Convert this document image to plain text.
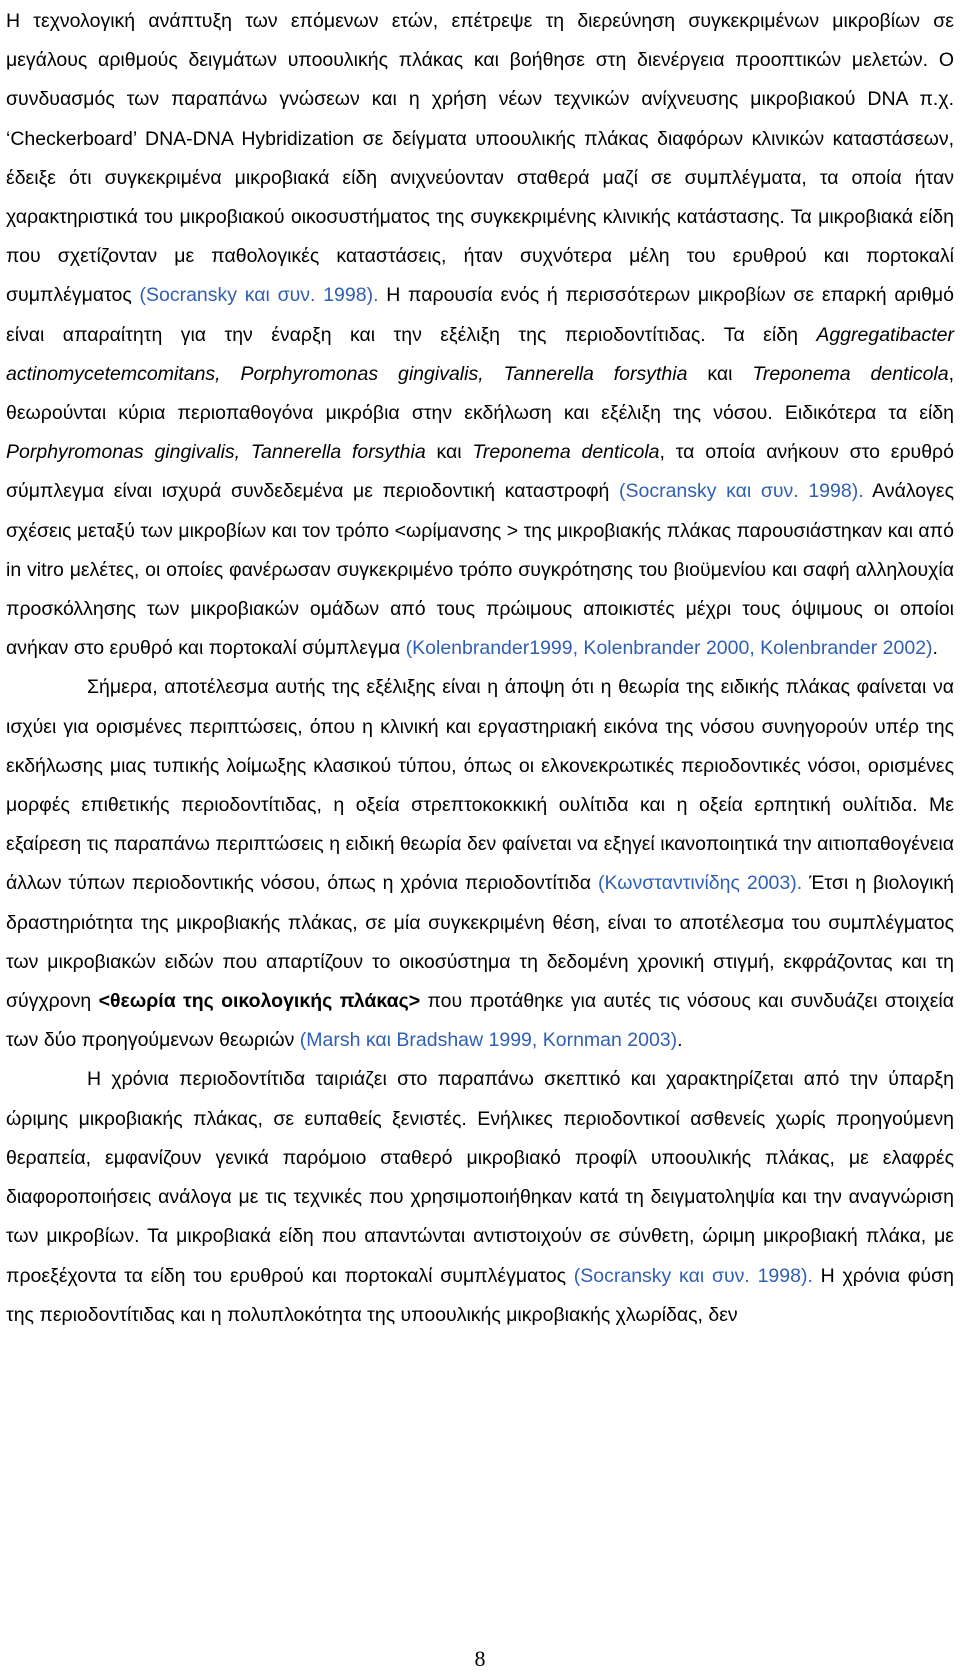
Η τεχνολογική ανάπτυξη των επόμενων ετών, επέτρεψε τη διερεύνηση συγκεκριμένων μικροβίων σε μεγάλους αριθμούς δειγμάτων υποουλικής πλάκας και βοήθησε στη διενέργεια προοπτικών μελετών. Ο συνδυασμός των παραπάνω γνώσεων και η χρήση νέων τεχνικών ανίχνευσης μικροβιακού DNA π.χ. ‘Checkerboard’ DNA-DNA Hybridization σε δείγματα υποουλικής πλάκας διαφόρων κλινικών καταστάσεων, έδειξε ότι συγκεκριμένα μικροβιακά είδη ανιχνεύονταν σταθερά μαζί σε συμπλέγματα, τα οποία ήταν χαρακτηριστικά του μικροβιακού οικοσυστήματος της συγκεκριμένης κλινικής κατάστασης. Τα μικροβιακά είδη που σχετίζονταν με παθολογικές καταστάσεις, ήταν συχνότερα μέλη του ερυθρού και πορτοκαλί συμπλέγματος (Socransky και συν. 1998). Η παρουσία ενός ή περισσότερων μικροβίων σε επαρκή αριθμό είναι απαραίτητη για την έναρξη και την εξέλιξη της περιοδοντίτιδας. Τα είδη Aggregatibacter actinomycetemcomitans, Porphyromonas gingivalis, Tannerella forsythia και Treponema denticola, θεωρούνται κύρια περιοπαθογόνα μικρόβια στην εκδήλωση και εξέλιξη της νόσου. Ειδικότερα τα είδη Porphyromonas gingivalis, Tannerella forsythia και Treponema denticola, τα οποία ανήκουν στο ερυθρό σύμπλεγμα είναι ισχυρά συνδεδεμένα με περιοδοντική καταστροφή (Socransky και συν. 1998). Ανάλογες σχέσεις μεταξύ των μικροβίων και τον τρόπο <ωρίμανσης > της μικροβιακής πλάκας παρουσιάστηκαν και από in vitro μελέτες, οι οποίες φανέρωσαν συγκεκριμένο τρόπο συγκρότησης του βιοϋμενίου και σαφή αλληλουχία προσκόλλησης των μικροβιακών ομάδων από τους πρώιμους αποικιστές μέχρι τους όψιμους οι οποίοι ανήκαν στο ερυθρό και πορτοκαλί σύμπλεγμα (Kolenbrander1999, Kolenbrander 2000, Kolenbrander 2002).

Σήμερα, αποτέλεσμα αυτής της εξέλιξης είναι η άποψη ότι η θεωρία της ειδικής πλάκας φαίνεται να ισχύει για ορισμένες περιπτώσεις, όπου η κλινική και εργαστηριακή εικόνα της νόσου συνηγορούν υπέρ της εκδήλωσης μιας τυπικής λοίμωξης κλασικού τύπου, όπως οι ελκονεκρωτικές περιοδοντικές νόσοι, ορισμένες μορφές επιθετικής περιοδοντίτιδας, η οξεία στρεπτοκοκκική ουλίτιδα και η οξεία ερπητική ουλίτιδα. Με εξαίρεση τις παραπάνω περιπτώσεις η ειδική θεωρία δεν φαίνεται να εξηγεί ικανοποιητικά την αιτιοπαθογένεια άλλων τύπων περιοδοντικής νόσου, όπως η χρόνια περιοδοντίτιδα (Κωνσταντινίδης 2003). Έτσι η βιολογική δραστηριότητα της μικροβιακής πλάκας, σε μία συγκεκριμένη θέση, είναι το αποτέλεσμα του συμπλέγματος των μικροβιακών ειδών που απαρτίζουν το οικοσύστημα τη δεδομένη χρονική στιγμή, εκφράζοντας και τη σύγχρονη <θεωρία της οικολογικής πλάκας> που προτάθηκε για αυτές τις νόσους και συνδυάζει στοιχεία των δύο προηγούμενων θεωριών (Marsh και Bradshaw 1999, Kornman 2003).

Η χρόνια περιοδοντίτιδα ταιριάζει στο παραπάνω σκεπτικό και χαρακτηρίζεται από την ύπαρξη ώριμης μικροβιακής πλάκας, σε ευπαθείς ξενιστές. Ενήλικες περιοδοντικοί ασθενείς χωρίς προηγούμενη θεραπεία, εμφανίζουν γενικά παρόμοιο σταθερό μικροβιακό προφίλ υποουλικής πλάκας, με ελαφρές διαφοροποιήσεις ανάλογα με τις τεχνικές που χρησιμοποιήθηκαν κατά τη δειγματοληψία και την αναγνώριση των μικροβίων. Τα μικροβιακά είδη που απαντώνται αντιστοιχούν σε σύνθετη, ώριμη μικροβιακή πλάκα, με προεξέχοντα τα είδη του ερυθρού και πορτοκαλί συμπλέγματος (Socransky και συν. 1998). Η χρόνια φύση της περιοδοντίτιδας και η πολυπλοκότητα της υποουλικής μικροβιακής χλωρίδας, δεν

8
